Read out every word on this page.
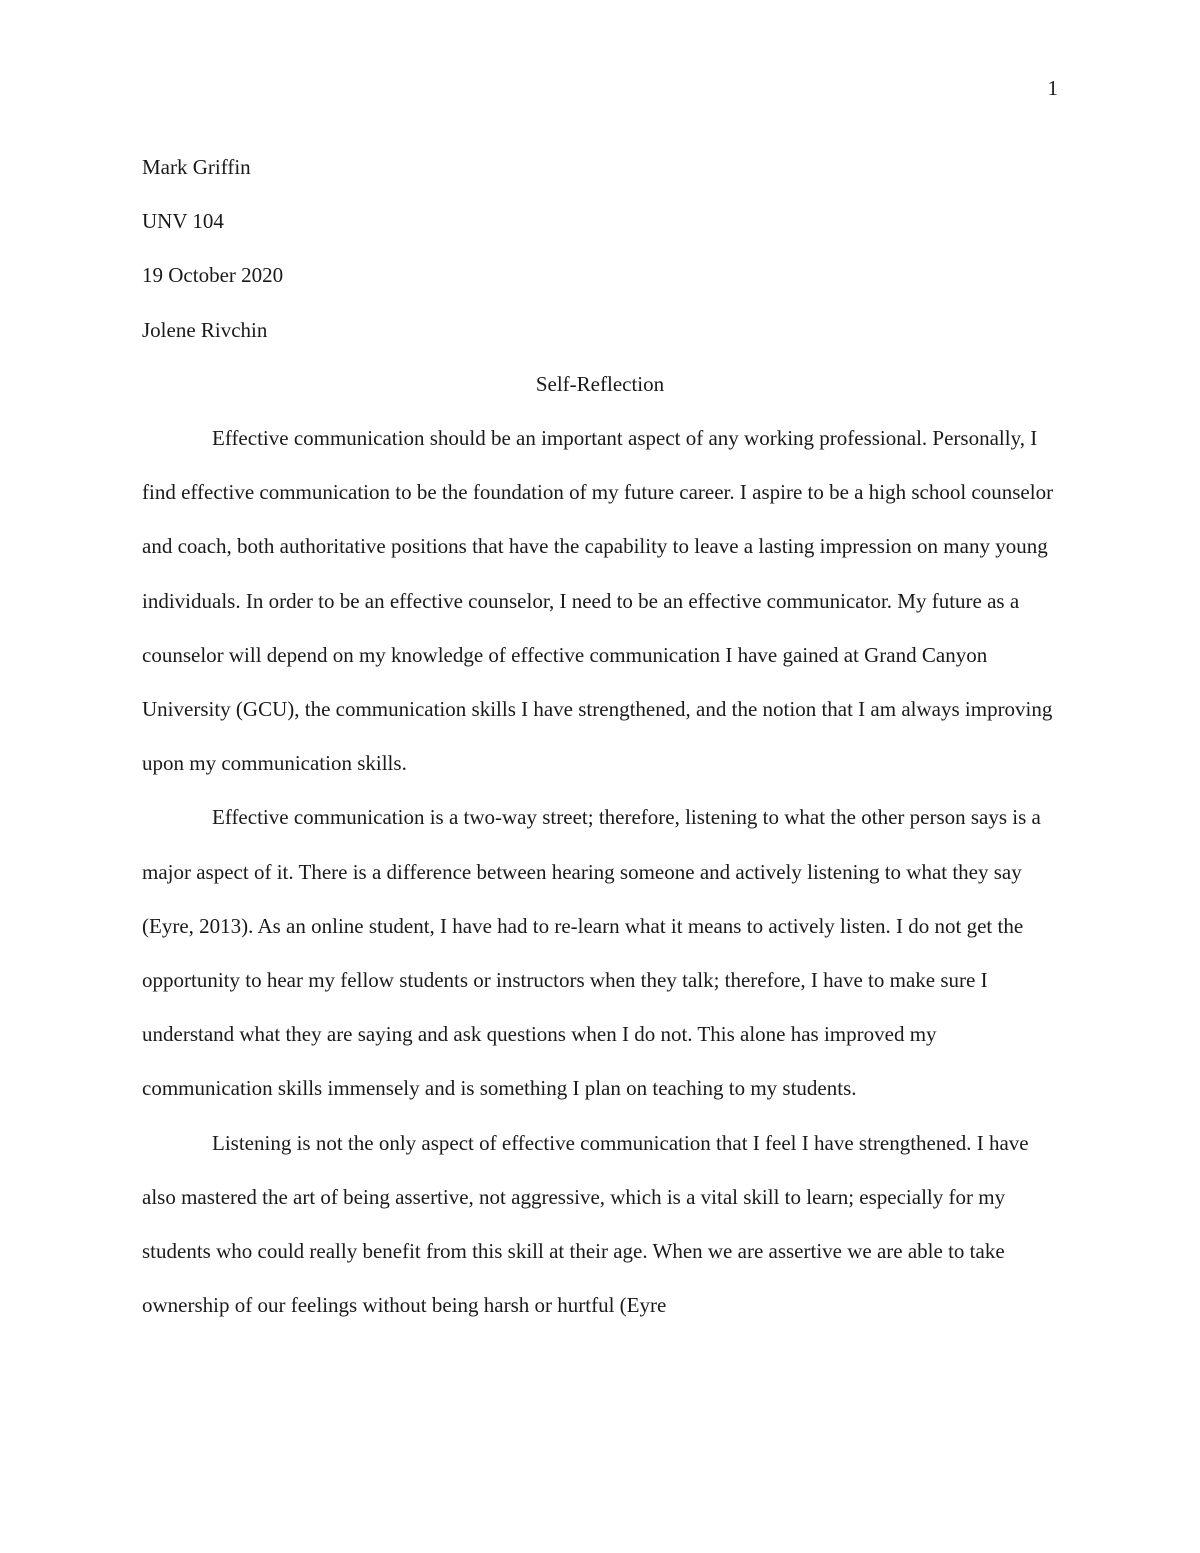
1

Mark Griffin

UNV 104

19 October 2020

Jolene Rivchin

Self-Reflection

Effective communication should be an important aspect of any working professional. Personally, I find effective communication to be the foundation of my future career. I aspire to be a high school counselor and coach, both authoritative positions that have the capability to leave a lasting impression on many young individuals. In order to be an effective counselor, I need to be an effective communicator. My future as a counselor will depend on my knowledge of effective communication I have gained at Grand Canyon University (GCU), the communication skills I have strengthened, and the notion that I am always improving upon my communication skills.

Effective communication is a two-way street; therefore, listening to what the other person says is a major aspect of it. There is a difference between hearing someone and actively listening to what they say (Eyre, 2013). As an online student, I have had to re-learn what it means to actively listen. I do not get the opportunity to hear my fellow students or instructors when they talk; therefore, I have to make sure I understand what they are saying and ask questions when I do not. This alone has improved my communication skills immensely and is something I plan on teaching to my students.

Listening is not the only aspect of effective communication that I feel I have strengthened. I have also mastered the art of being assertive, not aggressive, which is a vital skill to learn; especially for my students who could really benefit from this skill at their age. When we are assertive we are able to take ownership of our feelings without being harsh or hurtful (Eyre
